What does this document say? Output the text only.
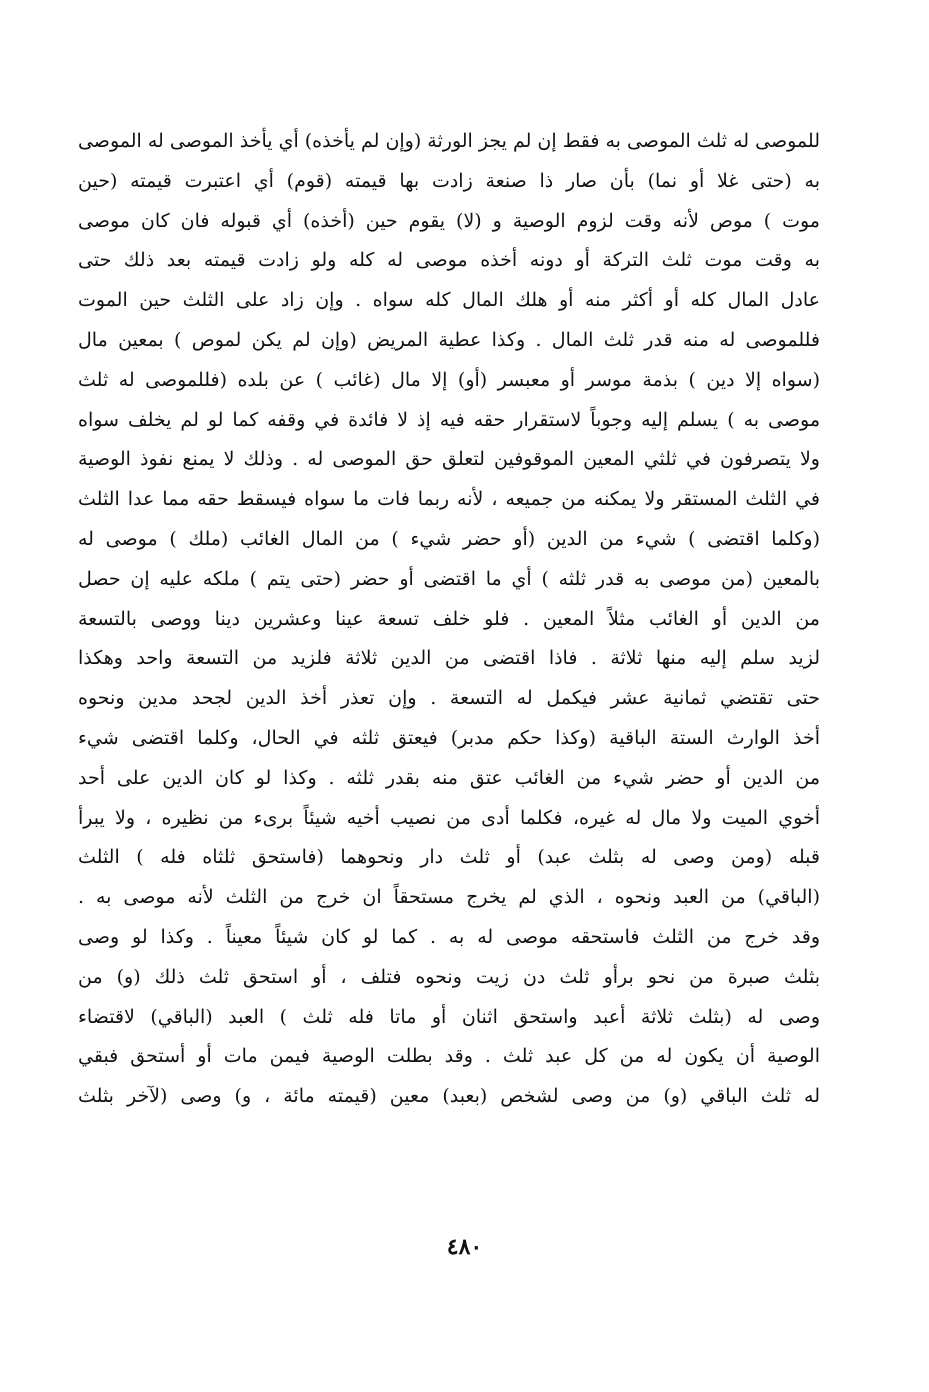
للموصى له ثلث الموصى به فقط إن لم يجز الورثة (وإن لم يأخذه) أي يأخذ الموصى له الموصى
به (حتى غلا أو نما) بأن صار ذا صنعة زادت بها قيمته (قوم) أي اعتبرت قيمته (حين
موت ) موص لأنه وقت لزوم الوصية و (لا) يقوم حين (أخذه) أي قبوله فان كان موصى
به وقت موت ثلث التركة أو دونه أخذه موصى له كله ولو زادت قيمته بعد ذلك حتى
عادل المال كله أو أكثر منه أو هلك المال كله سواه . وإن زاد على الثلث حين الموت
فللموصى له منه قدر ثلث المال . وكذا عطية المريض (وإن لم يكن لموص ) بمعين مال
(سواه إلا دين ) بذمة موسر أو معبسر (أو) إلا مال (غائب ) عن بلده (فللموصى له ثلث
موصى به ) يسلم إليه وجوباً لاستقرار حقه فيه إذ لا فائدة في وقفه كما لو لم يخلف سواه
ولا يتصرفون في ثلثي المعين الموقوفين لتعلق حق الموصى له . وذلك لا يمنع نفوذ الوصية
في الثلث المستقر ولا يمكنه من جميعه ، لأنه ربما فات ما سواه فيسقط حقه مما عدا الثلث
(وكلما اقتضى ) شيء من الدين (أو حضر شيء ) من المال الغائب (ملك ) موصى له
بالمعين (من موصى به قدر ثلثه ) أي ما اقتضى أو حضر (حتى يتم ) ملكه عليه إن حصل
من الدين أو الغائب مثلاً المعين . فلو خلف تسعة عينا وعشرين دينا ووصى بالتسعة
لزيد سلم إليه منها ثلاثة . فاذا اقتضى من الدين ثلاثة فلزيد من التسعة واحد وهكذا
حتى تقتضي ثمانية عشر فيكمل له التسعة . وإن تعذر أخذ الدين لجحد مدين ونحوه
أخذ الوارث الستة الباقية (وكذا حكم مدبر) فيعتق ثلثه في الحال، وكلما اقتضى شيء
من الدين أو حضر شيء من الغائب عتق منه بقدر ثلثه . وكذا لو كان الدين على أحد
أخوي الميت ولا مال له غيره، فكلما أدى من نصيب أخيه شيئاً برىء من نظيره ، ولا يبرأ
قبله (ومن وصى له بثلث عبد) أو ثلث دار ونحوهما (فاستحق ثلثاه فله ) الثلث
(الباقي) من العبد ونحوه ، الذي لم يخرج مستحقاً ان خرج من الثلث لأنه موصى به .
وقد خرج من الثلث فاستحقه موصى له به . كما لو كان شيئاً معيناً . وكذا لو وصى
بثلث صبرة من نحو برأو ثلث دن زيت ونحوه فتلف ، أو استحق ثلث ذلك (و) من
وصى له (بثلث ثلاثة أعبد واستحق اثنان أو ماتا فله ثلث ) العبد (الباقي) لاقتضاء
الوصية أن يكون له من كل عبد ثلث . وقد بطلت الوصية فيمن مات أو أستحق فبقي
له ثلث الباقي (و) من وصى لشخص (بعبد) معين (قيمته مائة ، و) وصى (لآخر بثلث
٤٨٠
